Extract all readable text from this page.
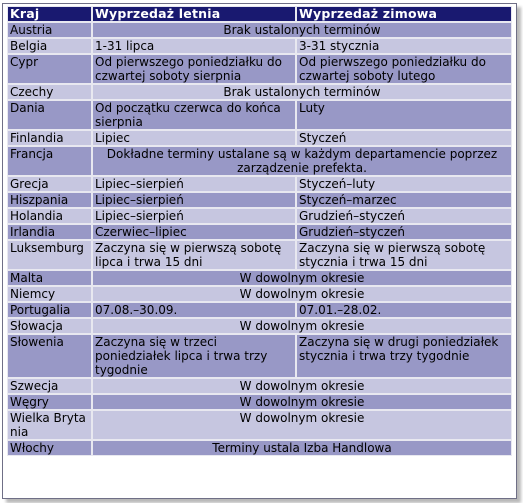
Kraj	Wyprzedaż letnia	Wyprzedaż zimowa
Austria	Brak ustalonych terminów	
Belgia	1-31 lipca	3-31 stycznia
Cypr	Od pierwszego poniedziałku do czwartej soboty sierpnia	Od pierwszego poniedziałku do czwartej soboty lutego
Czechy	Brak ustalonych terminów	
Dania	Od początku czerwca do końca sierpnia	Luty
Finlandia	Lipiec	Styczeń
Francja	Dokładne terminy ustalane są w każdym departamencie poprzez zarządzenie prefekta.	
Grecja	Lipiec–sierpień	Styczeń–luty
Hiszpania	Lipiec–sierpień	Styczeń–marzec
Holandia	Lipiec–sierpień	Grudzień–styczeń
Irlandia	Czerwiec–lipiec	Grudzień–styczeń
Luksemburg	Zaczyna się w pierwszą sobotę lipca i trwa 15 dni	Zaczyna się w pierwszą sobotę stycznia i trwa 15 dni
Malta	W dowolnym okresie	
Niemcy	W dowolnym okresie	
Portugalia	07.08.–30.09.	07.01.–28.02.
Słowacja	W dowolnym okresie	
Słowenia	Zaczyna się w trzeci poniedziałek lipca i trwa trzy tygodnie	Zaczyna się w drugi poniedziałek stycznia i trwa trzy tygodnie
Szwecja	W dowolnym okresie	
Węgry	W dowolnym okresie	
Wielka Brytania	W dowolnym okresie	
Włochy	Terminy ustala Izba Handlowa	
